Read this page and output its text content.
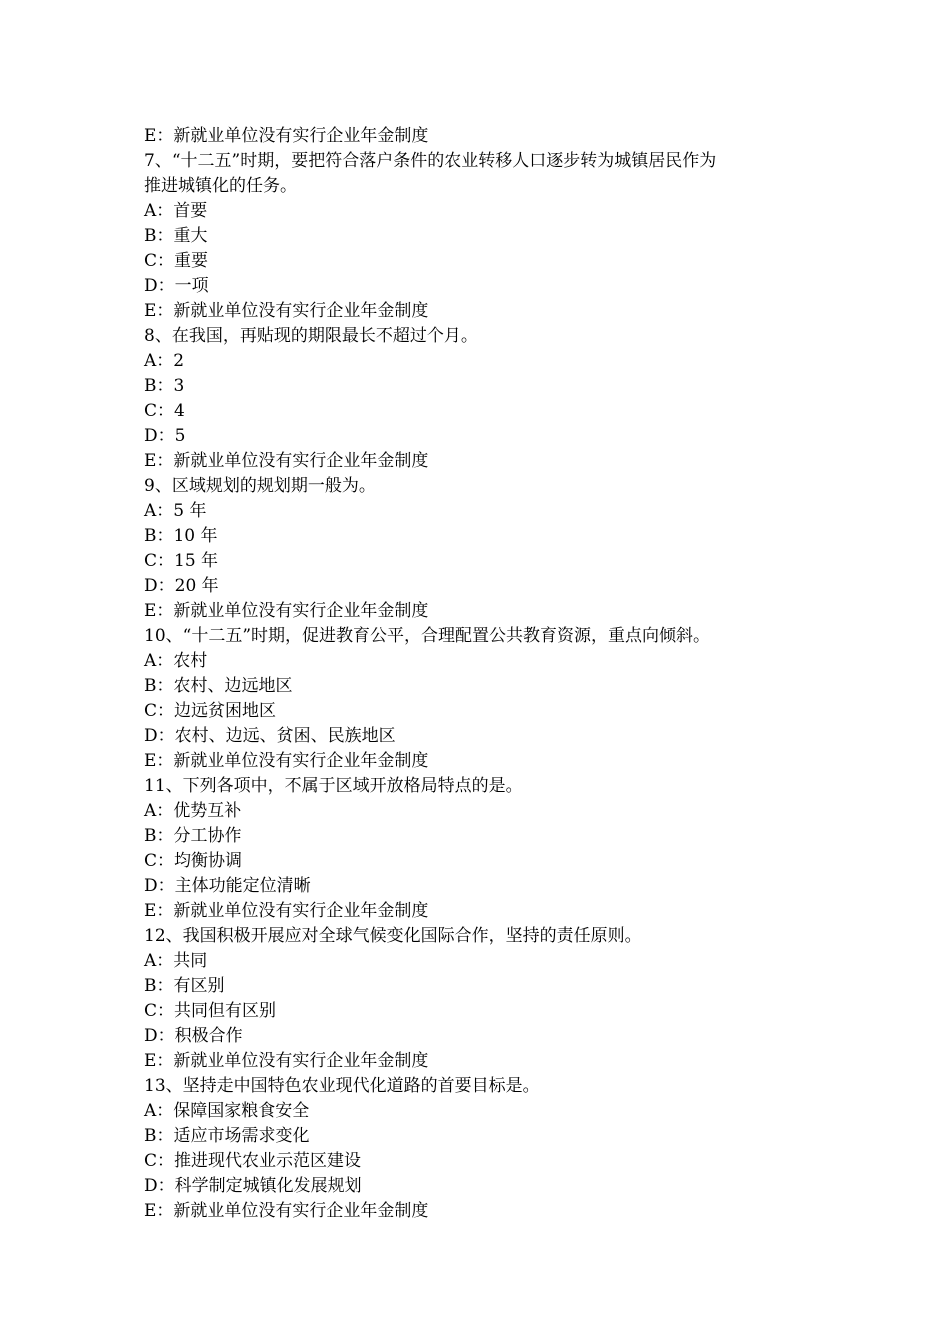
E：新就业单位没有实行企业年金制度
7、“十二五”时期，要把符合落户条件的农业转移人口逐步转为城镇居民作为
推进城镇化的任务。
A：首要
B：重大
C：重要
D：一项
E：新就业单位没有实行企业年金制度
8、在我国，再贴现的期限最长不超过个月。
A：2
B：3
C：4
D：5
E：新就业单位没有实行企业年金制度
9、区域规划的规划期一般为。
A：5 年
B：10 年
C：15 年
D：20 年
E：新就业单位没有实行企业年金制度
10、“十二五”时期，促进教育公平，合理配置公共教育资源，重点向倾斜。
A：农村
B：农村、边远地区
C：边远贫困地区
D：农村、边远、贫困、民族地区
E：新就业单位没有实行企业年金制度
11、下列各项中，不属于区域开放格局特点的是。
A：优势互补
B：分工协作
C：均衡协调
D：主体功能定位清晰
E：新就业单位没有实行企业年金制度
12、我国积极开展应对全球气候变化国际合作，坚持的责任原则。
A：共同
B：有区别
C：共同但有区别
D：积极合作
E：新就业单位没有实行企业年金制度
13、坚持走中国特色农业现代化道路的首要目标是。
A：保障国家粮食安全
B：适应市场需求变化
C：推进现代农业示范区建设
D：科学制定城镇化发展规划
E：新就业单位没有实行企业年金制度
